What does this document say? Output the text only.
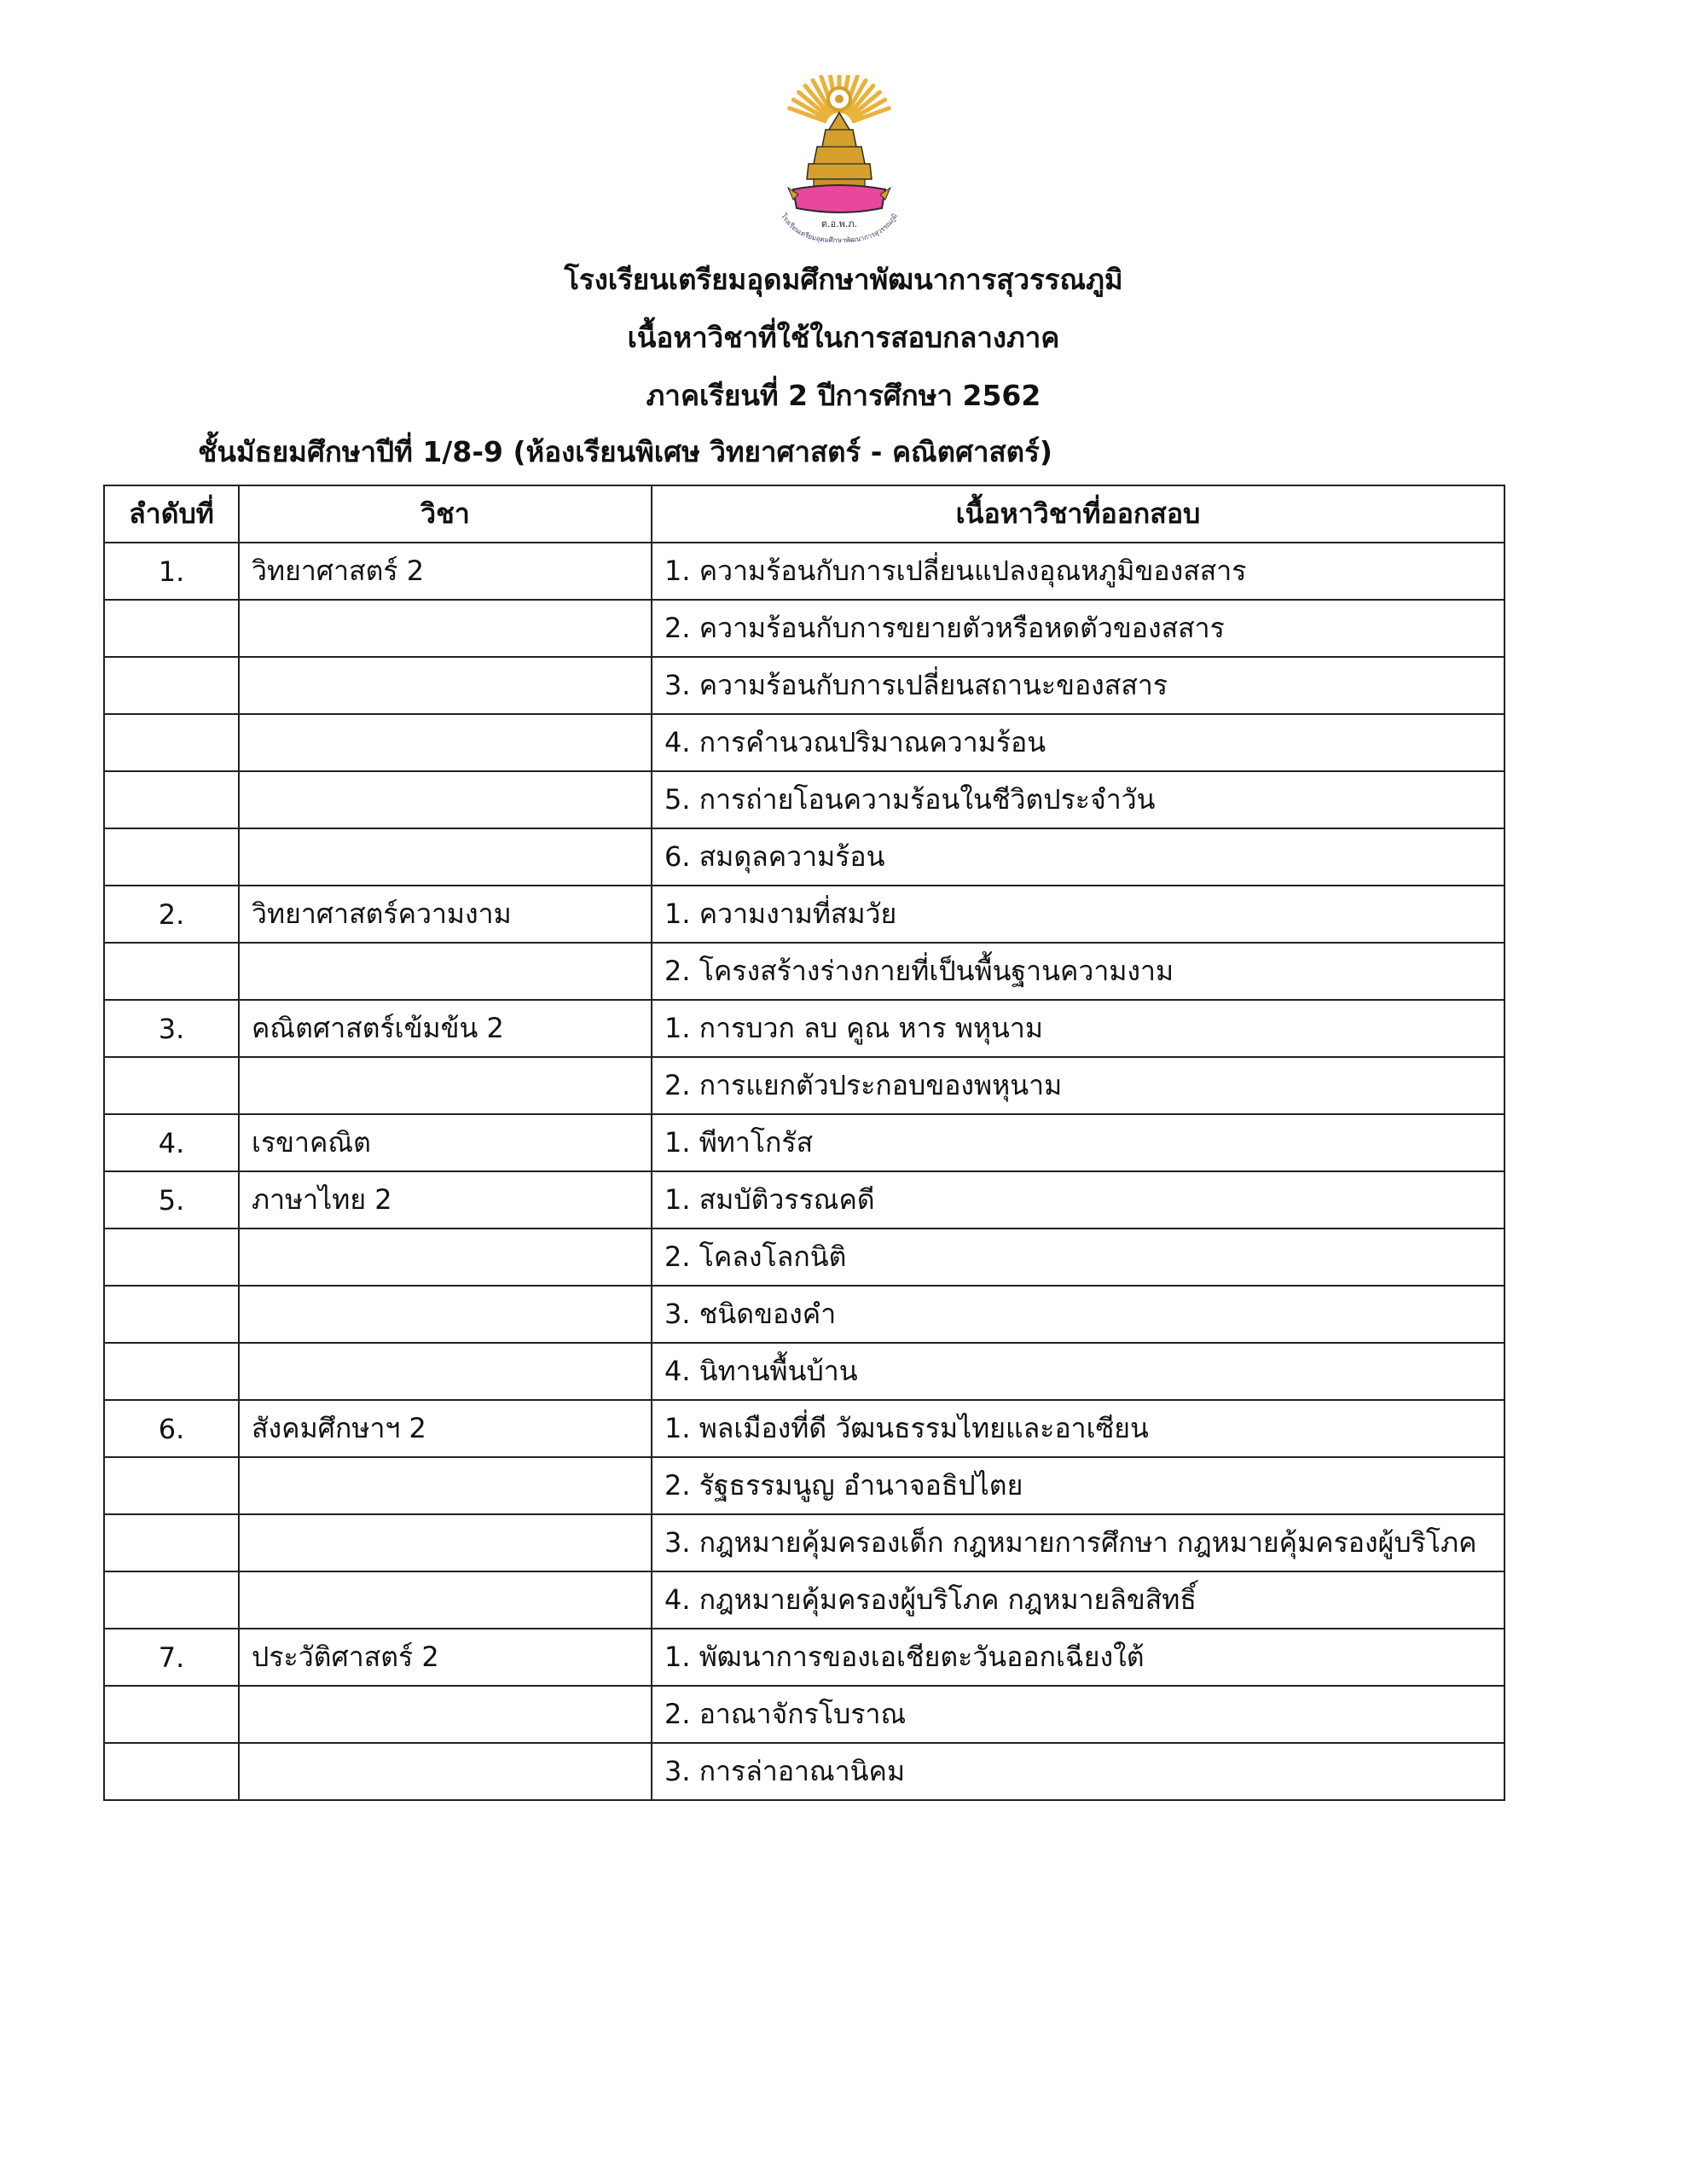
ต.อ.พ.ภ.
โรงเรียนเตรียมอุดมศึกษาพัฒนาการสุวรรณภูมิ
โรงเรียนเตรียมอุดมศึกษาพัฒนาการสุวรรณภูมิ
เนื้อหาวิชาที่ใช้ในการสอบกลางภาค
ภาคเรียนที่ 2 ปีการศึกษา 2562
ชั้นมัธยมศึกษาปีที่ 1/8-9 (ห้องเรียนพิเศษ วิทยาศาสตร์ - คณิตศาสตร์)
ลำดับที่	วิชา	เนื้อหาวิชาที่ออกสอบ
1.	วิทยาศาสตร์ 2	1. ความร้อนกับการเปลี่ยนแปลงอุณหภูมิของสสาร
		2. ความร้อนกับการขยายตัวหรือหดตัวของสสาร
		3. ความร้อนกับการเปลี่ยนสถานะของสสาร
		4. การคำนวณปริมาณความร้อน
		5. การถ่ายโอนความร้อนในชีวิตประจำวัน
		6. สมดุลความร้อน
2.	วิทยาศาสตร์ความงาม	1. ความงามที่สมวัย
		2. โครงสร้างร่างกายที่เป็นพื้นฐานความงาม
3.	คณิตศาสตร์เข้มข้น 2	1. การบวก ลบ คูณ หาร พหุนาม
		2. การแยกตัวประกอบของพหุนาม
4.	เรขาคณิต	1. พีทาโกรัส
5.	ภาษาไทย 2	1. สมบัติวรรณคดี
		2. โคลงโลกนิติ
		3. ชนิดของคำ
		4. นิทานพื้นบ้าน
6.	สังคมศึกษาฯ 2	1. พลเมืองที่ดี วัฒนธรรมไทยและอาเซียน
		2. รัฐธรรมนูญ อำนาจอธิปไตย
		3. กฎหมายคุ้มครองเด็ก กฎหมายการศึกษา กฎหมายคุ้มครองผู้บริโภค
		4. กฎหมายคุ้มครองผู้บริโภค กฎหมายลิขสิทธิ์
7.	ประวัติศาสตร์ 2	1. พัฒนาการของเอเชียตะวันออกเฉียงใต้
		2. อาณาจักรโบราณ
		3. การล่าอาณานิคม
